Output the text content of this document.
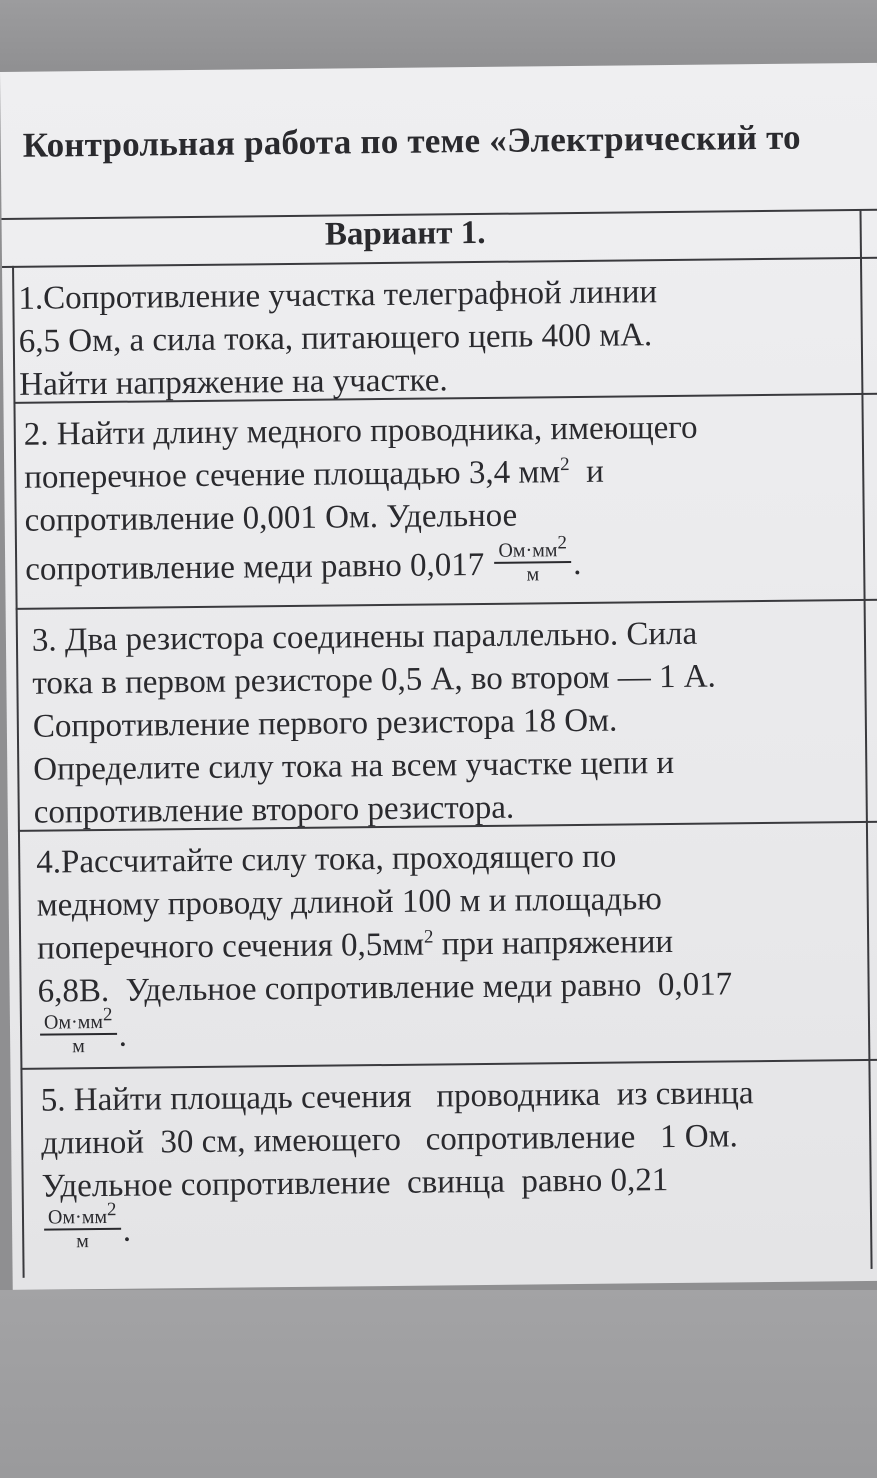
Контрольная работа по теме «Электрический то
Вариант 1.
1.Сопротивление участка телеграфной линии
6,5 Ом, а сила тока, питающего цепь 400 мА.
Найти напряжение на участке.
2. Найти длину медного проводника, имеющего
поперечное сечение площадью 3,4 $мм^2$  и
сопротивление 0,001 Ом. Удельное
сопротивление меди равно $0,017 \frac{Ом\cdot мм^2}{м}$ .
3. Два резистора соединены параллельно. Сила
тока в первом резисторе 0,5 А, во втором — 1 А.
Сопротивление первого резистора 18 Ом.
Определите силу тока на всем участке цепи и
сопротивление второго резистора.
4.Рассчитайте силу тока, проходящего по
медному проводу длиной 100 м и площадью
поперечного сечения $0,5мм^2$ при напряжении
6,8В.  Удельное сопротивление меди равно  0,017
$\frac{Ом\cdot мм^2}{м}$ .
5. Найти площадь сечения   проводника  из свинца
длиной  30 см, имеющего   сопротивление   1 Ом.
Удельное сопротивление  свинца  равно 0,21
$\frac{Ом\cdot мм^2}{м}$ .
